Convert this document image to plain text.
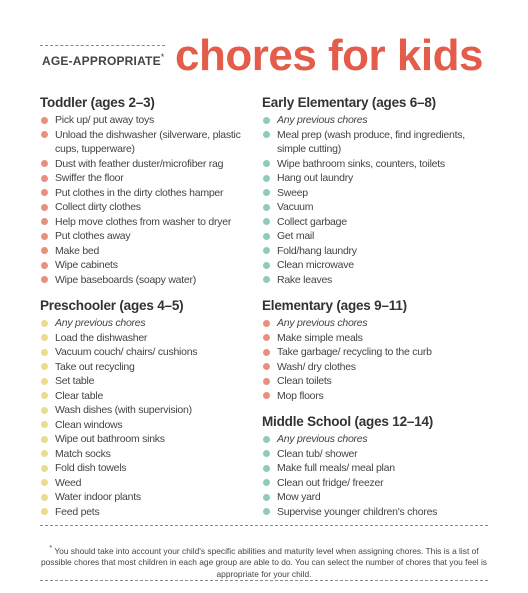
AGE-APPROPRIATE* chores for kids
Toddler (ages 2–3)
Pick up/ put away toys
Unload the dishwasher (silverware, plastic cups, tupperware)
Dust with feather duster/microfiber rag
Swiffer the floor
Put clothes in the dirty clothes hamper
Collect dirty clothes
Help move clothes from washer to dryer
Put clothes away
Make bed
Wipe cabinets
Wipe baseboards (soapy water)
Preschooler (ages 4–5)
Any previous chores
Load the dishwasher
Vacuum couch/ chairs/ cushions
Take out recycling
Set table
Clear table
Wash dishes (with supervision)
Clean windows
Wipe out bathroom sinks
Match socks
Fold dish towels
Weed
Water indoor plants
Feed pets
Early Elementary (ages 6–8)
Any previous chores
Meal prep (wash produce, find ingredients, simple cutting)
Wipe bathroom sinks, counters, toilets
Hang out laundry
Sweep
Vacuum
Collect garbage
Get mail
Fold/hang laundry
Clean microwave
Rake leaves
Elementary (ages 9–11)
Any previous chores
Make simple meals
Take garbage/ recycling to the curb
Wash/ dry clothes
Clean toilets
Mop floors
Middle School (ages 12–14)
Any previous chores
Clean tub/ shower
Make full meals/ meal plan
Clean out fridge/ freezer
Mow yard
Supervise younger children's chores
* You should take into account your child's specific abilities and maturity level when assigning chores. This is a list of possible chores that most children in each age group are able to do. You can select the number of chores that you feel is appropriate for your child.
